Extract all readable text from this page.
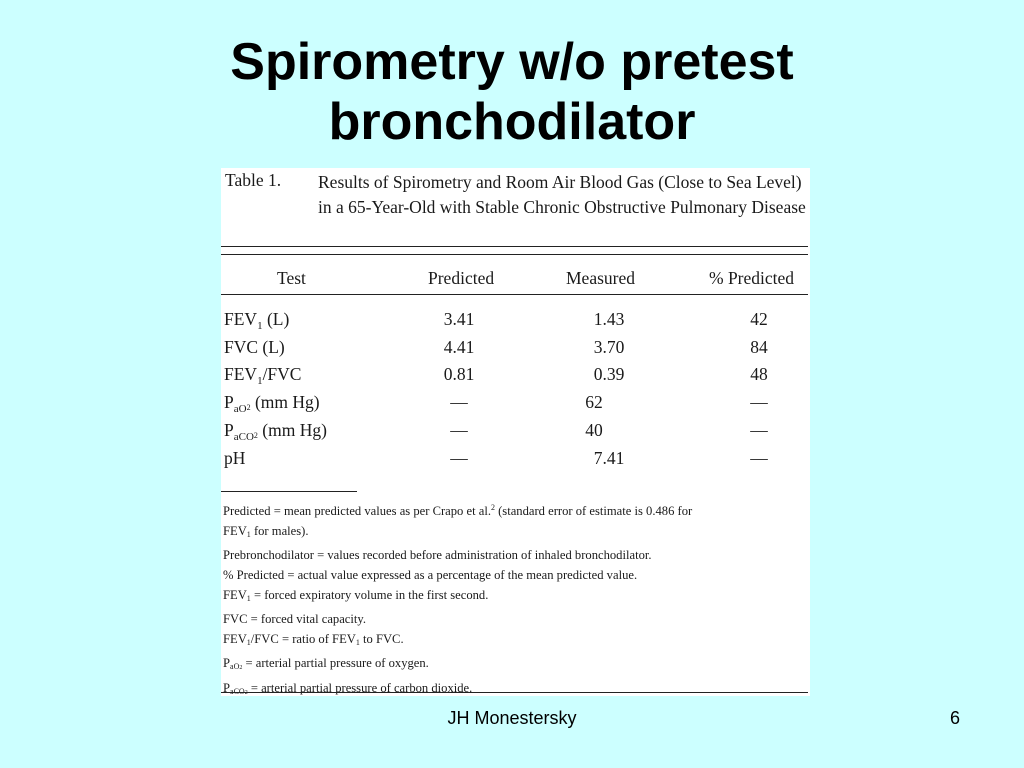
Spirometry w/o pretest
bronchodilator
Table 1. Results of Spirometry and Room Air Blood Gas (Close to Sea Level) in a 65-Year-Old with Stable Chronic Obstructive Pulmonary Disease
Test	Predicted	Measured	% Predicted
$FEV_1$ (L)	3.41	1.43	42
FVC (L)	4.41	3.70	84
$FEV_1$/FVC	0.81	0.39	48
$P_{aO}2$ (mm Hg)	—	62	—
$P_{aCO}2$ (mm Hg)	—	40	—
pH	—	7.41	—
Predicted = mean predicted values as per Crapo et al.$^2$ (standard error of estimate is 0.486 for
FEV1 for males).
Prebronchodilator = values recorded before administration of inhaled bronchodilator.
% Predicted = actual value expressed as a percentage of the mean predicted value.
FEV1 = forced expiratory volume in the first second.
FVC = forced vital capacity.
FEV1/FVC = ratio of FEV1 to FVC.
PaO2 = arterial partial pressure of oxygen.
PaCO2 = arterial partial pressure of carbon dioxide.
JH Monestersky	6
